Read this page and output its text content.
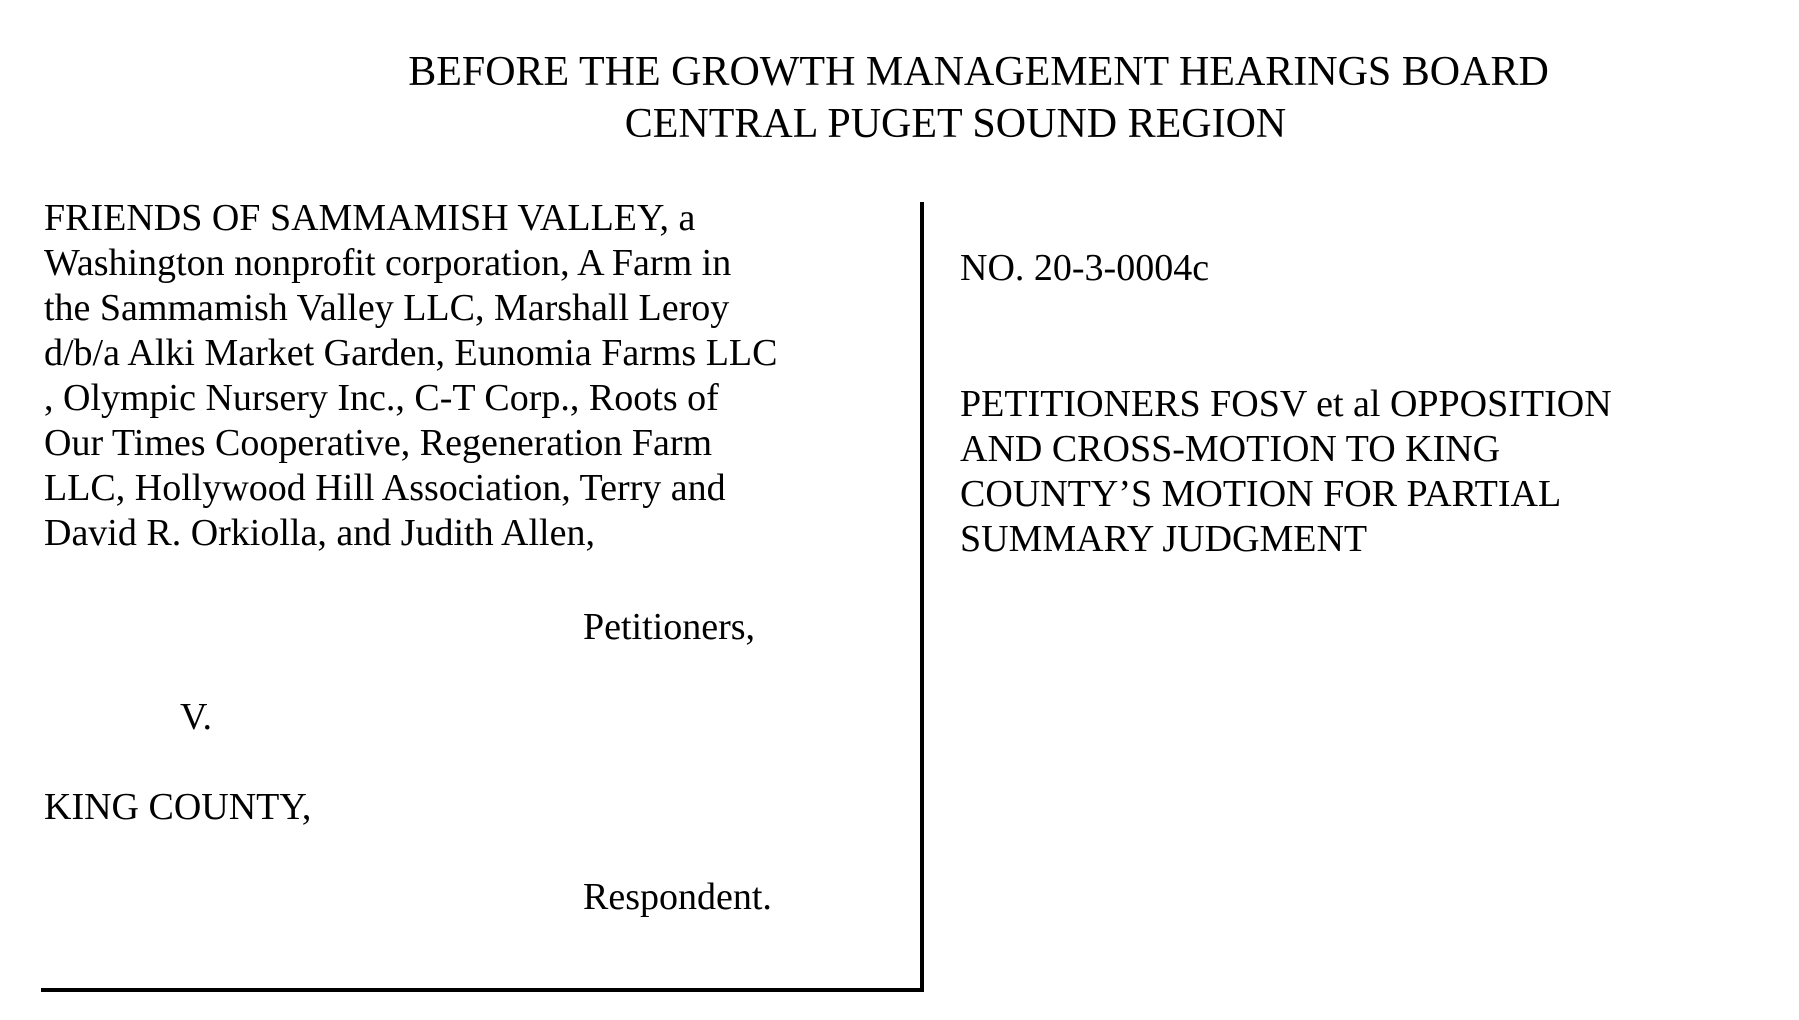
BEFORE THE GROWTH MANAGEMENT HEARINGS BOARD
CENTRAL PUGET SOUND REGION
FRIENDS OF SAMMAMISH VALLEY, a
Washington nonprofit corporation, A Farm in
the Sammamish Valley LLC, Marshall Leroy
d/b/a Alki Market Garden, Eunomia Farms LLC
, Olympic Nursery Inc., C-T Corp., Roots of
Our Times Cooperative, Regeneration Farm
LLC, Hollywood Hill Association, Terry and
David R. Orkiolla, and Judith Allen,
Petitioners,
V.
KING COUNTY,
Respondent.
NO. 20-3-0004c
PETITIONERS FOSV et al OPPOSITION
AND CROSS-MOTION TO KING
COUNTY’S MOTION FOR PARTIAL
SUMMARY JUDGMENT
